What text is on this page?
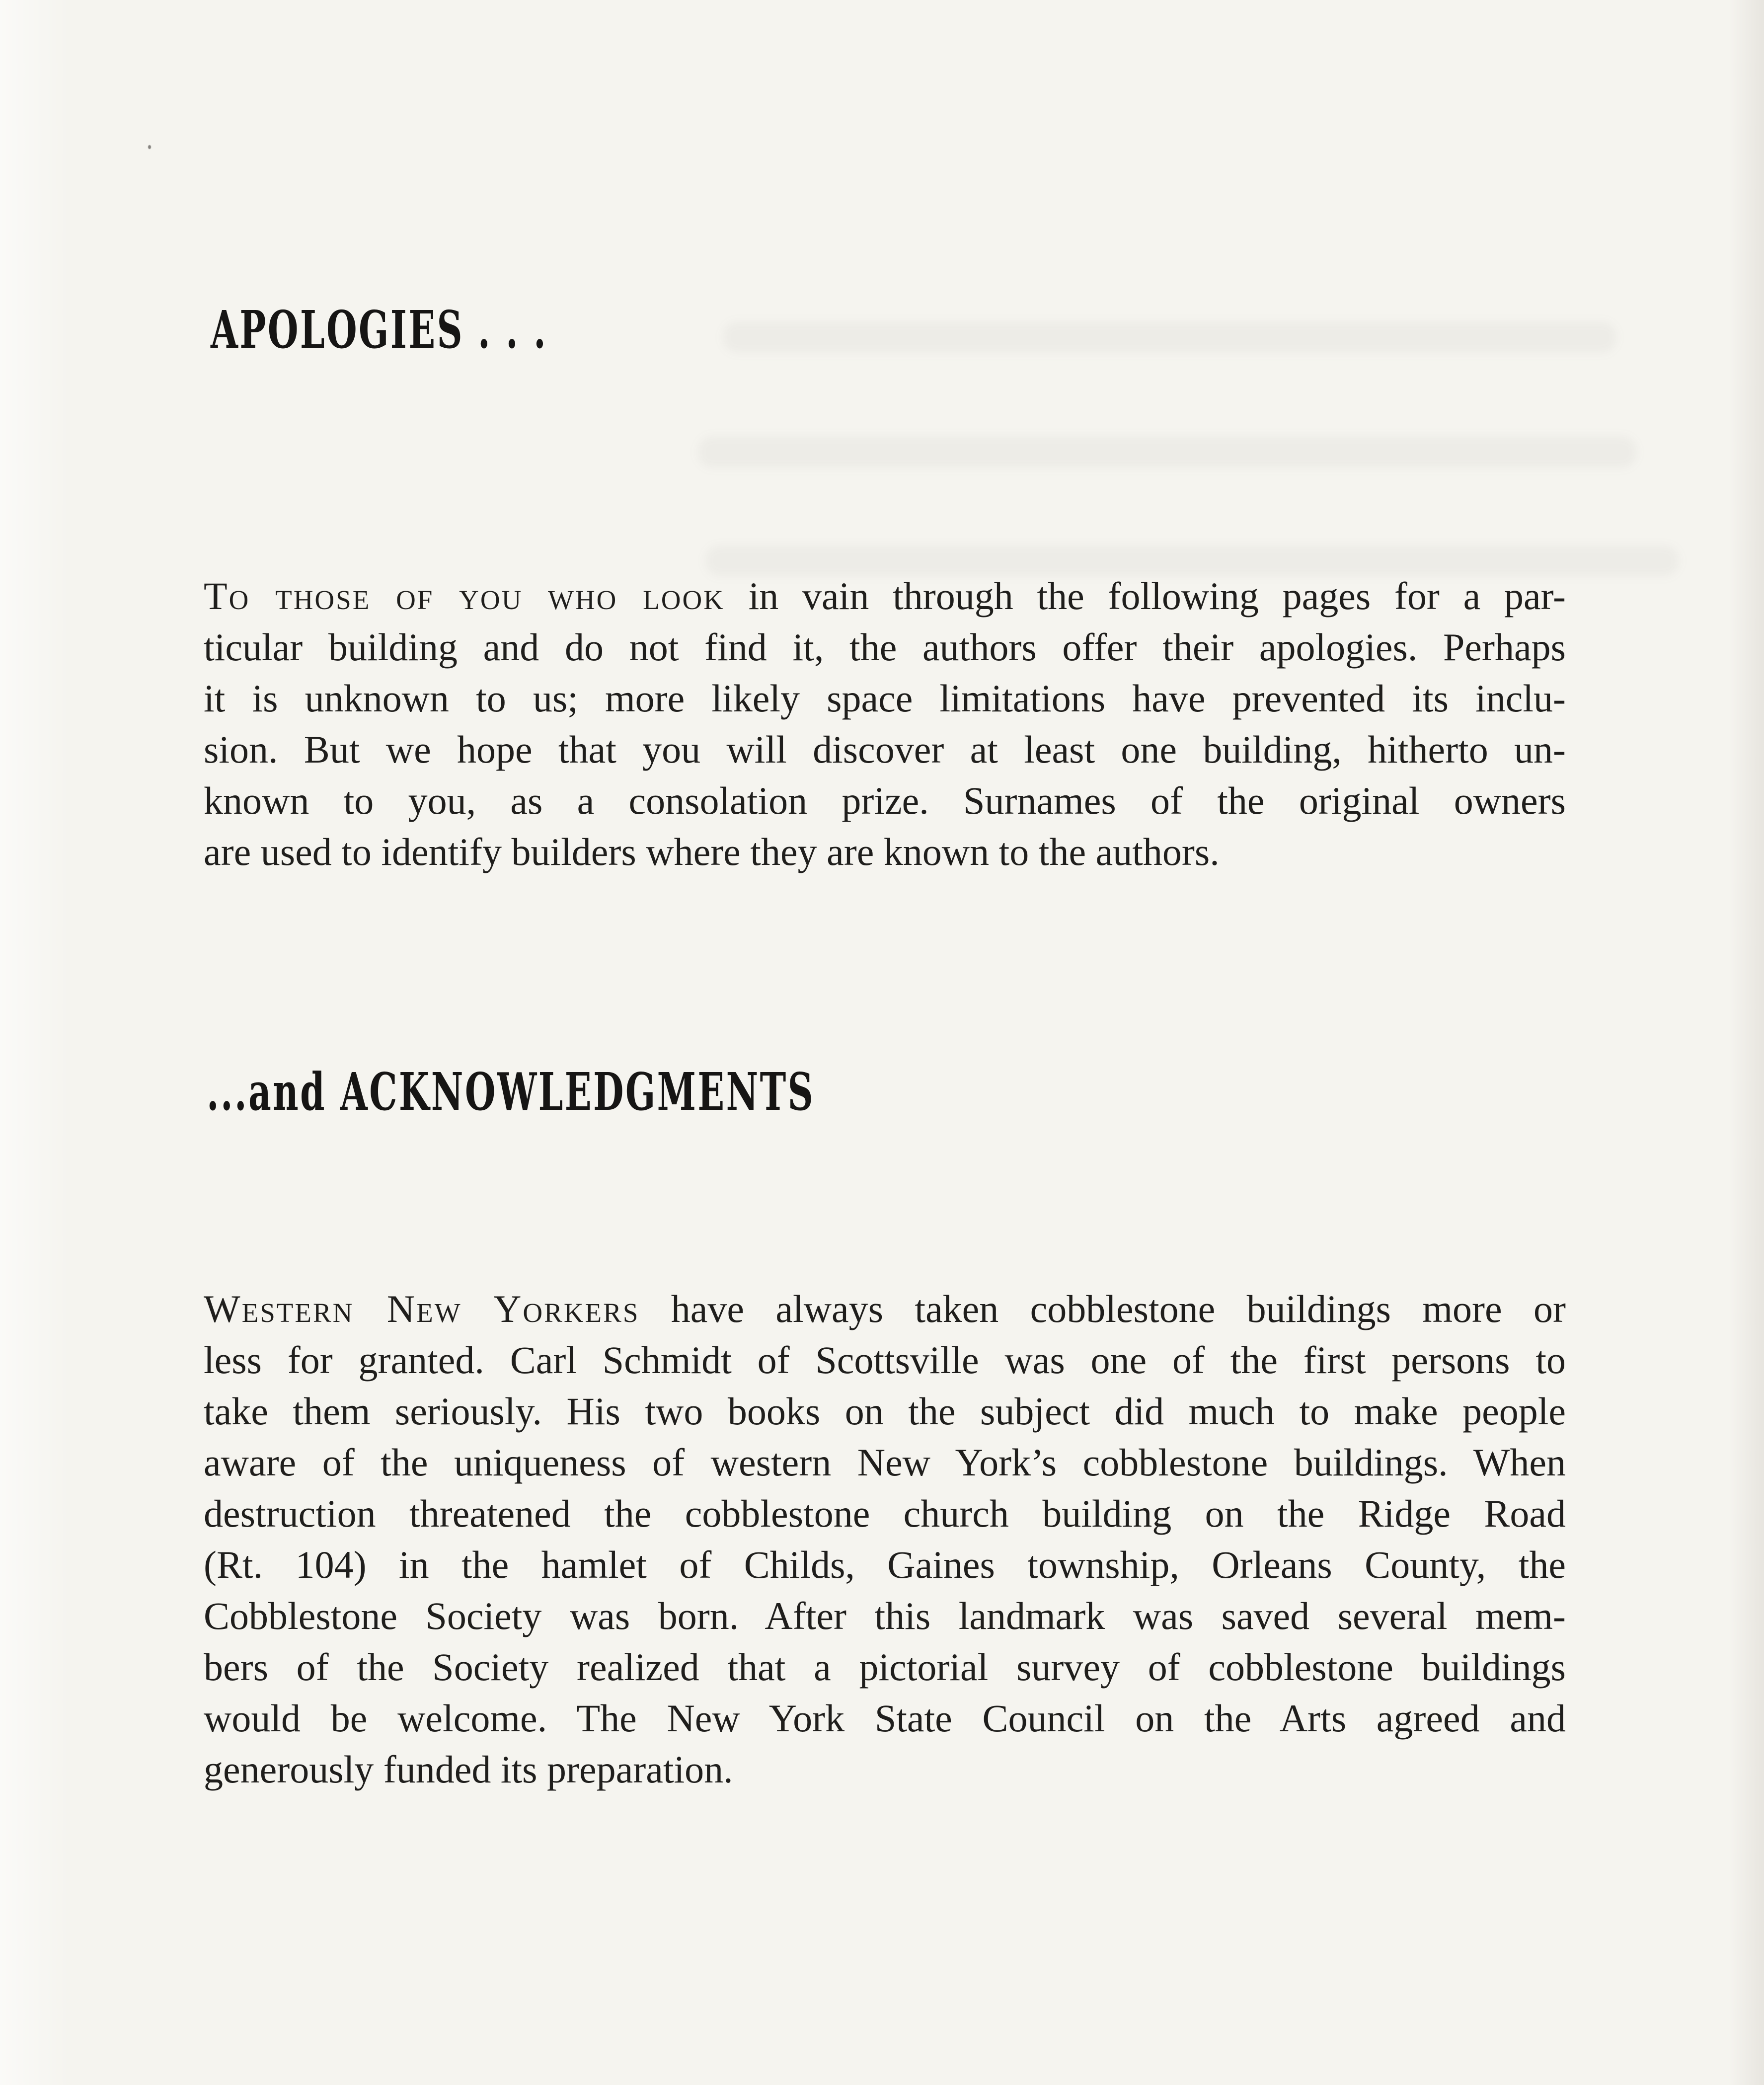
APOLOGIES . . .
To those of you who look in vain through the following pages for a par-
ticular building and do not find it, the authors offer their apologies. Perhaps
it is unknown to us; more likely space limitations have prevented its inclu-
sion. But we hope that you will discover at least one building, hitherto un-
known to you, as a consolation prize. Surnames of the original owners
are used to identify builders where they are known to the authors.
...and ACKNOWLEDGMENTS
Western New Yorkers have always taken cobblestone buildings more or
less for granted. Carl Schmidt of Scottsville was one of the first persons to
take them seriously. His two books on the subject did much to make people
aware of the uniqueness of western New York’s cobblestone buildings. When
destruction threatened the cobblestone church building on the Ridge Road
(Rt. 104) in the hamlet of Childs, Gaines township, Orleans County, the
Cobblestone Society was born. After this landmark was saved several mem-
bers of the Society realized that a pictorial survey of cobblestone buildings
would be welcome. The New York State Council on the Arts agreed and
generously funded its preparation.
